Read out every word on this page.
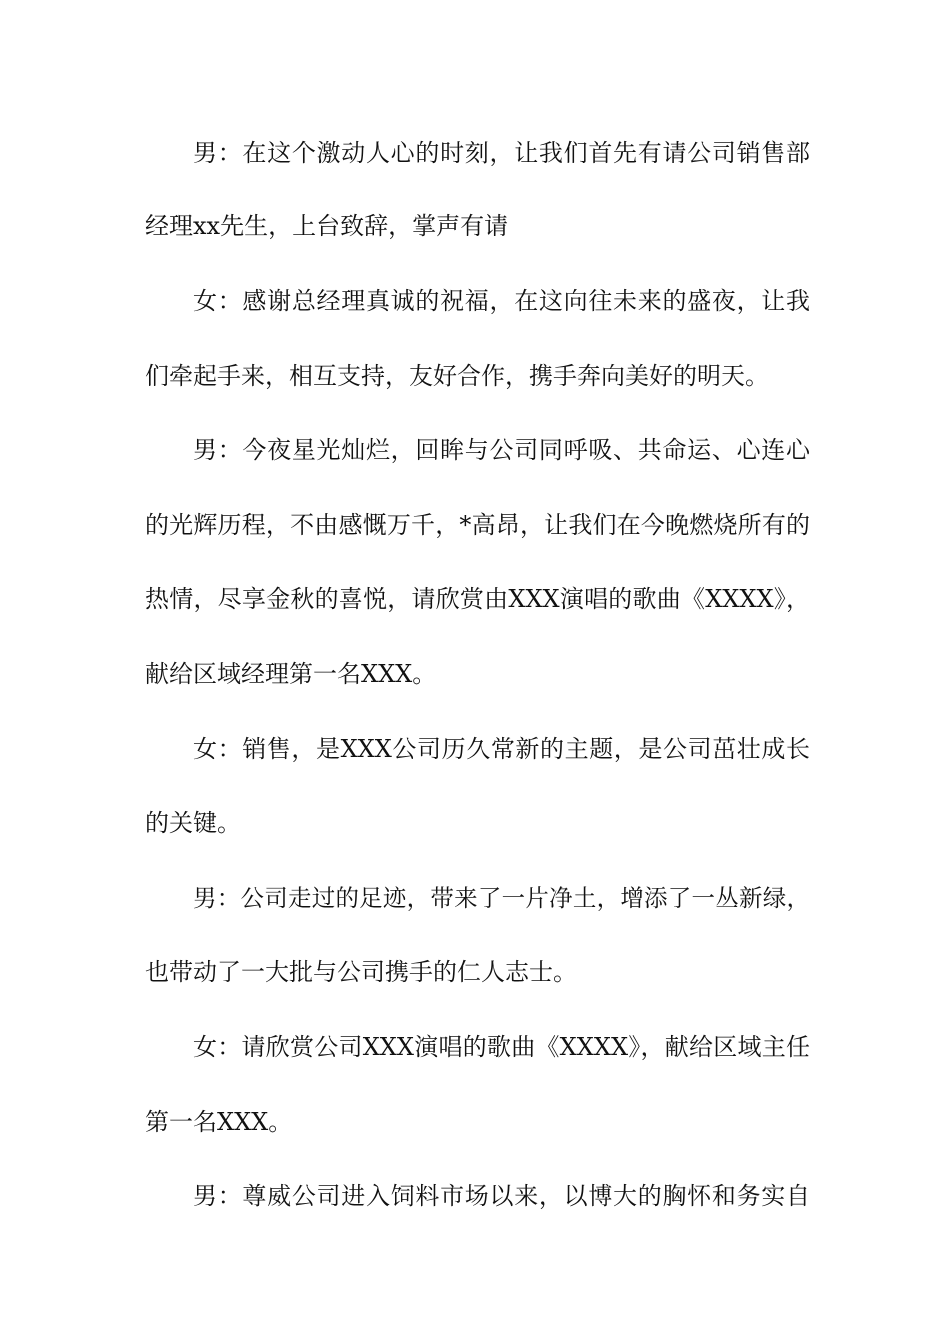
男：在这个激动人心的时刻，让我们首先有请公司销售部
经理xx先生，上台致辞，掌声有请
女：感谢总经理真诚的祝福，在这向往未来的盛夜，让我
们牵起手来，相互支持，友好合作，携手奔向美好的明天。
男：今夜星光灿烂，回眸与公司同呼吸、共命运、心连心
的光辉历程，不由感慨万千，*高昂，让我们在今晚燃烧所有的
热情，尽享金秋的喜悦，请欣赏由XXX演唱的歌曲《XXXX》，
献给区域经理第一名XXX。
女：销售，是XXX公司历久常新的主题，是公司茁壮成长
的关键。
男：公司走过的足迹，带来了一片净土，增添了一丛新绿，
也带动了一大批与公司携手的仁人志士。
女：请欣赏公司XXX演唱的歌曲《XXXX》，献给区域主任
第一名XXX。
男：尊威公司进入饲料市场以来，以博大的胸怀和务实自
